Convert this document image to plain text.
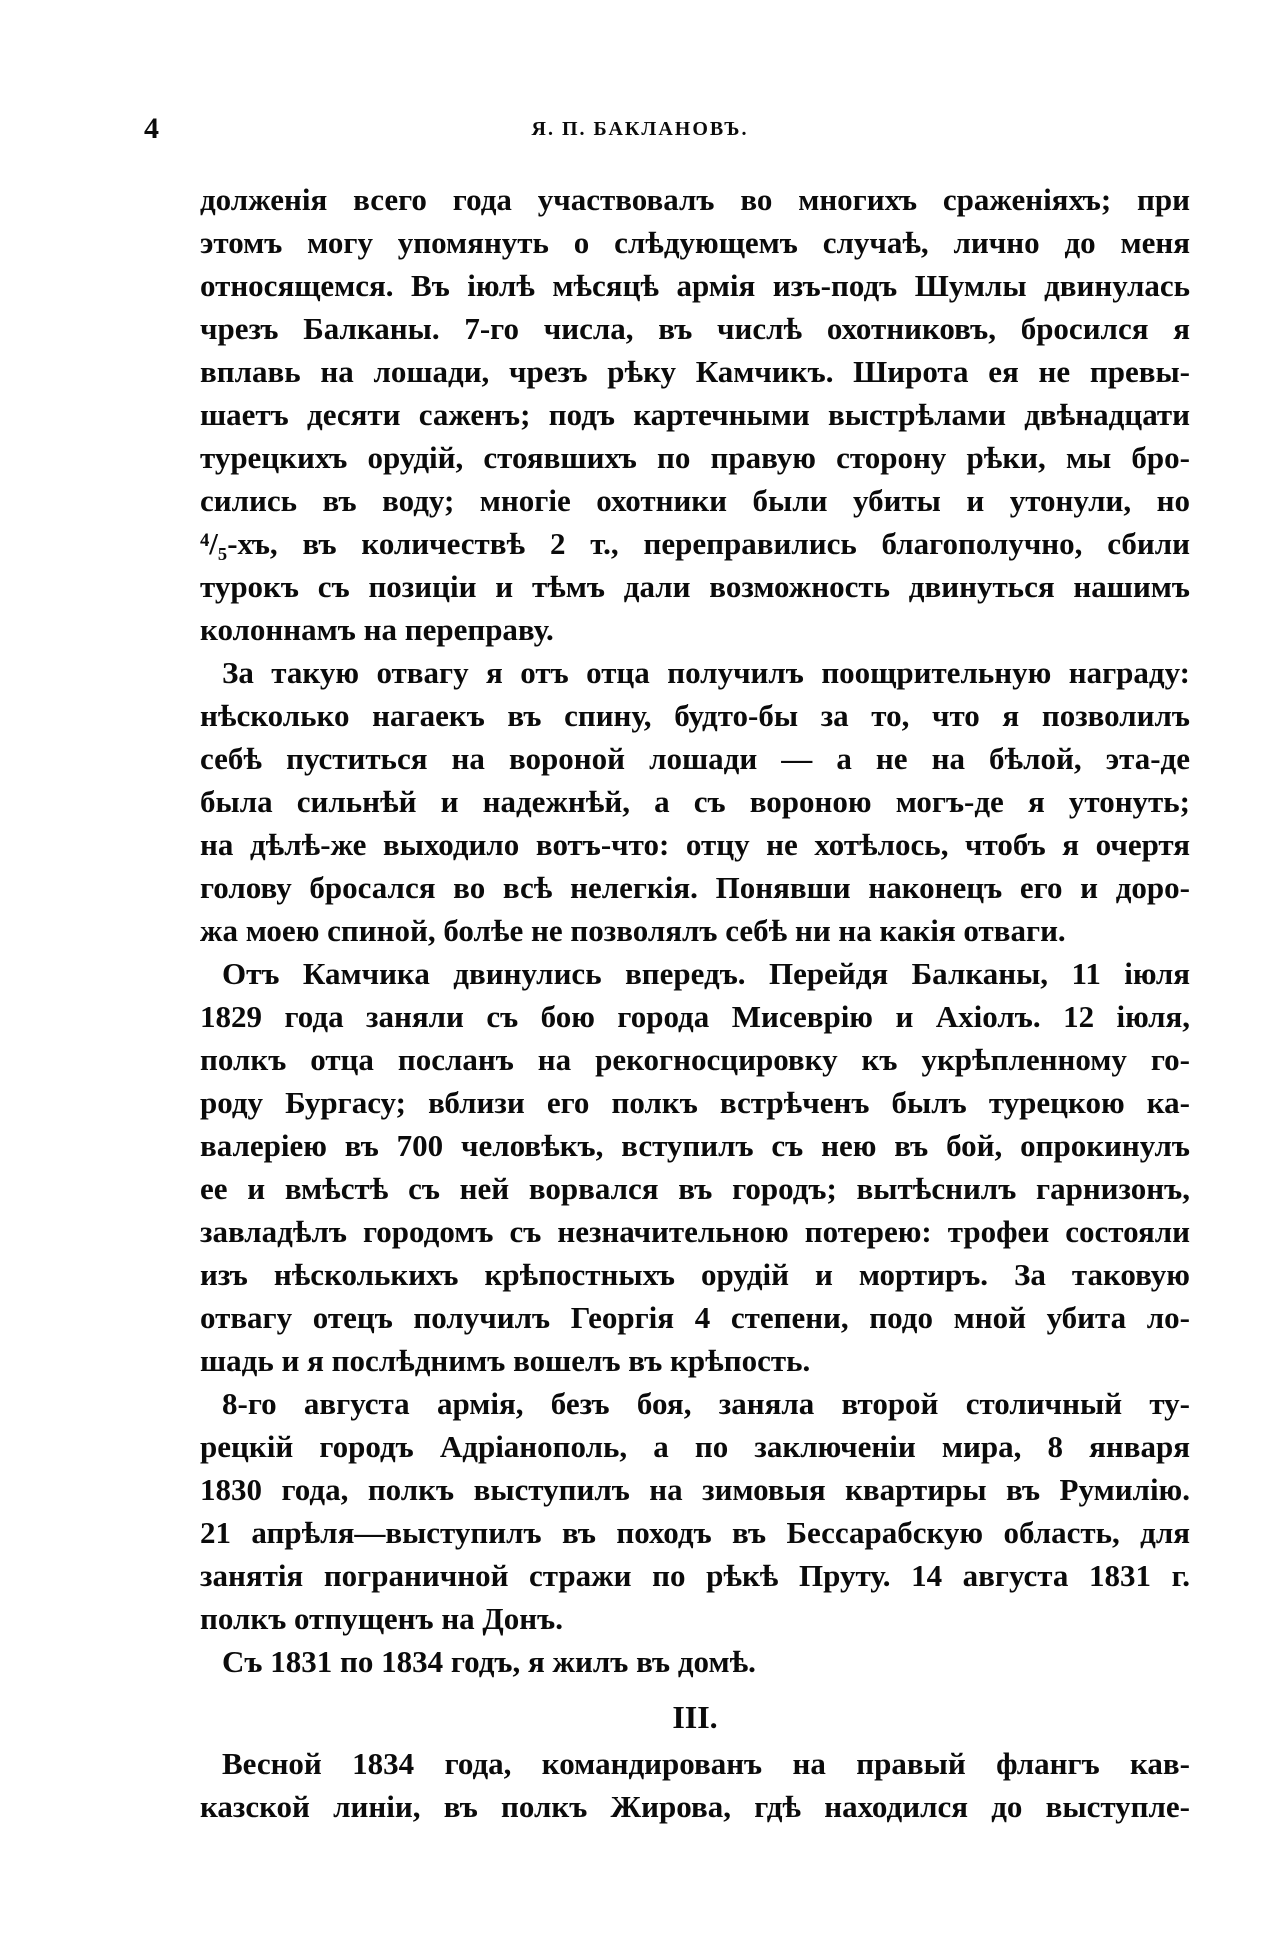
4	Я. П. БАКЛАНОВЪ.
долженія всего года участвовалъ во многихъ сраженіяхъ; при
этомъ могу упомянуть о слѣдующемъ случаѣ, лично до меня
относящемся. Въ іюлѣ мѣсяцѣ армія изъ-подъ Шумлы двинулась
чрезъ Балканы. 7-го числа, въ числѣ охотниковъ, бросился я
вплавь на лошади, чрезъ рѣку Камчикъ. Широта ея не превы-
шаетъ десяти саженъ; подъ картечными выстрѣлами двѣнадцати
турецкихъ орудій, стоявшихъ по правую сторону рѣки, мы бро-
сились въ воду; многіе охотники были убиты и утонули, но
⁴/₅-хъ, въ количествѣ 2 т., переправились благополучно, сбили
турокъ съ позиціи и тѣмъ дали возможность двинуться нашимъ
колоннамъ на переправу.
За такую отвагу я отъ отца получилъ поощрительную награду:
нѣсколько нагаекъ въ спину, будто-бы за то, что я позволилъ
себѣ пуститься на вороной лошади — а не на бѣлой, эта-де
была сильнѣй и надежнѣй, а съ вороною могъ-де я утонуть;
на дѣлѣ-же выходило вотъ-что: отцу не хотѣлось, чтобъ я очертя
голову бросался во всѣ нелегкія. Понявши наконецъ его и доро-
жа моею спиной, болѣе не позволялъ себѣ ни на какія отваги.
Отъ Камчика двинулись впередъ. Перейдя Балканы, 11 іюля
1829 года заняли съ бою города Мисеврію и Ахіолъ. 12 іюля,
полкъ отца посланъ на рекогносцировку къ укрѣпленному го-
роду Бургасу; вблизи его полкъ встрѣченъ былъ турецкою ка-
валеріею въ 700 человѣкъ, вступилъ съ нею въ бой, опрокинулъ
ее и вмѣстѣ съ ней ворвался въ городъ; вытѣснилъ гарнизонъ,
завладѣлъ городомъ съ незначительною потерею: трофеи состояли
изъ нѣсколькихъ крѣпостныхъ орудій и мортиръ. За таковую
отвагу отецъ получилъ Георгія 4 степени, подо мной убита ло-
шадь и я послѣднимъ вошелъ въ крѣпость.
8-го августа армія, безъ боя, заняла второй столичный ту-
рецкій городъ Адріанополь, а по заключеніи мира, 8 января
1830 года, полкъ выступилъ на зимовыя квартиры въ Румилію.
21 апрѣля—выступилъ въ походъ въ Бессарабскую область, для
занятія пограничной стражи по рѣкѣ Пруту. 14 августа 1831 г.
полкъ отпущенъ на Донъ.
Съ 1831 по 1834 годъ, я жилъ въ домѣ.
III.
Весной 1834 года, командированъ на правый флангъ кав-
казской линіи, въ полкъ Жирова, гдѣ находился до выступле-
